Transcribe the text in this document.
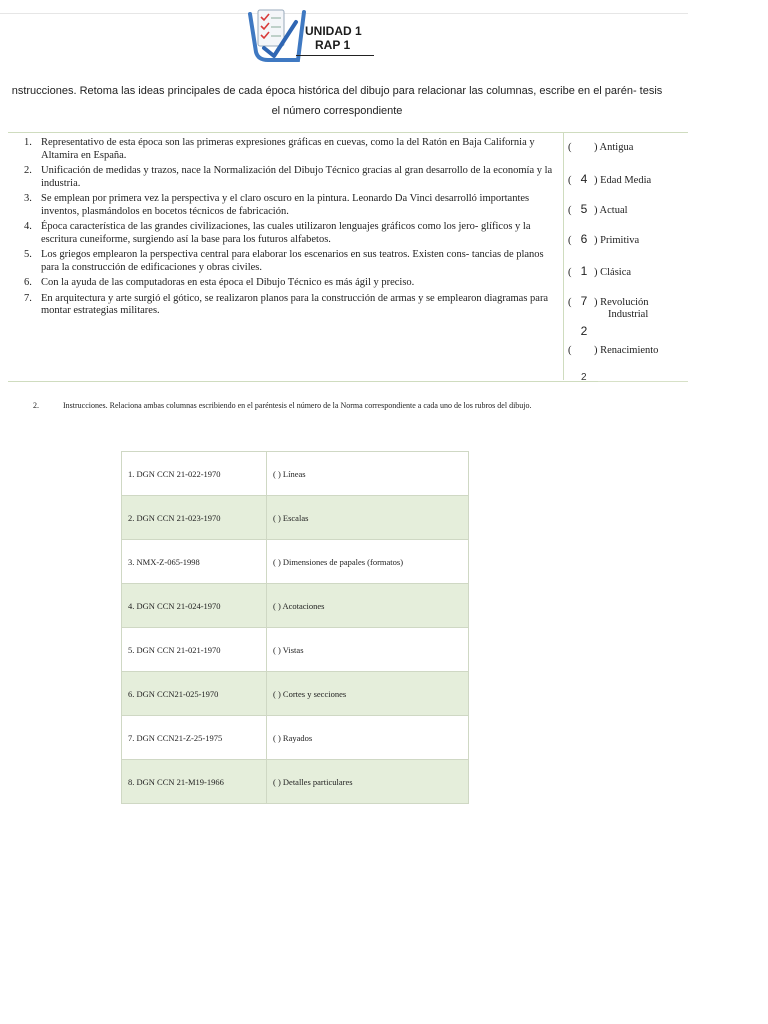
UNIDAD 1
RAP 1
nstrucciones. Retoma las ideas principales de cada época histórica del dibujo para relacionar las columnas, escribe en el parén- tesis el número correspondiente
1. Representativo de esta época son las primeras expresiones gráficas en cuevas, como la del Ratón en Baja California y Altamira en España.
2. Unificación de medidas y trazos, nace la Normalización del Dibujo Técnico gracias al gran desarrollo de la economía y la industria.
3. Se emplean por primera vez la perspectiva y el claro oscuro en la pintura. Leonardo Da Vinci desarrolló importantes inventos, plasmándolos en bocetos técnicos de fabricación.
4. Época característica de las grandes civilizaciones, las cuales utilizaron lenguajes gráficos como los jero- glíficos y la escritura cuneiforme, surgiendo así la base para los futuros alfabetos.
5. Los griegos emplearon la perspectiva central para elaborar los escenarios en sus teatros. Existen cons- tancias de planos para la construcción de edificaciones y obras civiles.
6. Con la ayuda de las computadoras en esta época el Dibujo Técnico es más ágil y preciso.
7. En arquitectura y arte surgió el gótico, se realizaron planos para la construcción de armas y se emplearon diagramas para montar estrategias militares.
( ) Antigua
( 4 ) Edad Media
( 5 ) Actual
( 6 ) Primitiva
( 1 ) Clásica
( 7 ) Revolución
Industrial
2
( ) Renacimiento
2
2.	Instrucciones. Relaciona ambas columnas escribiendo en el paréntesis el número de la Norma correspondiente a cada uno de los rubros del dibujo.
1. DGN CCN 21-022-1970	( ) Líneas
2. DGN CCN 21-023-1970	( ) Escalas
3. NMX-Z-065-1998	( ) Dimensiones de papales (formatos)
4. DGN CCN 21-024-1970	( ) Acotaciones
5. DGN CCN 21-021-1970	( ) Vistas
6. DGN CCN21-025-1970	( ) Cortes y secciones
7. DGN CCN21-Z-25-1975	( ) Rayados
8. DGN CCN 21-M19-1966	( ) Detalles particulares
